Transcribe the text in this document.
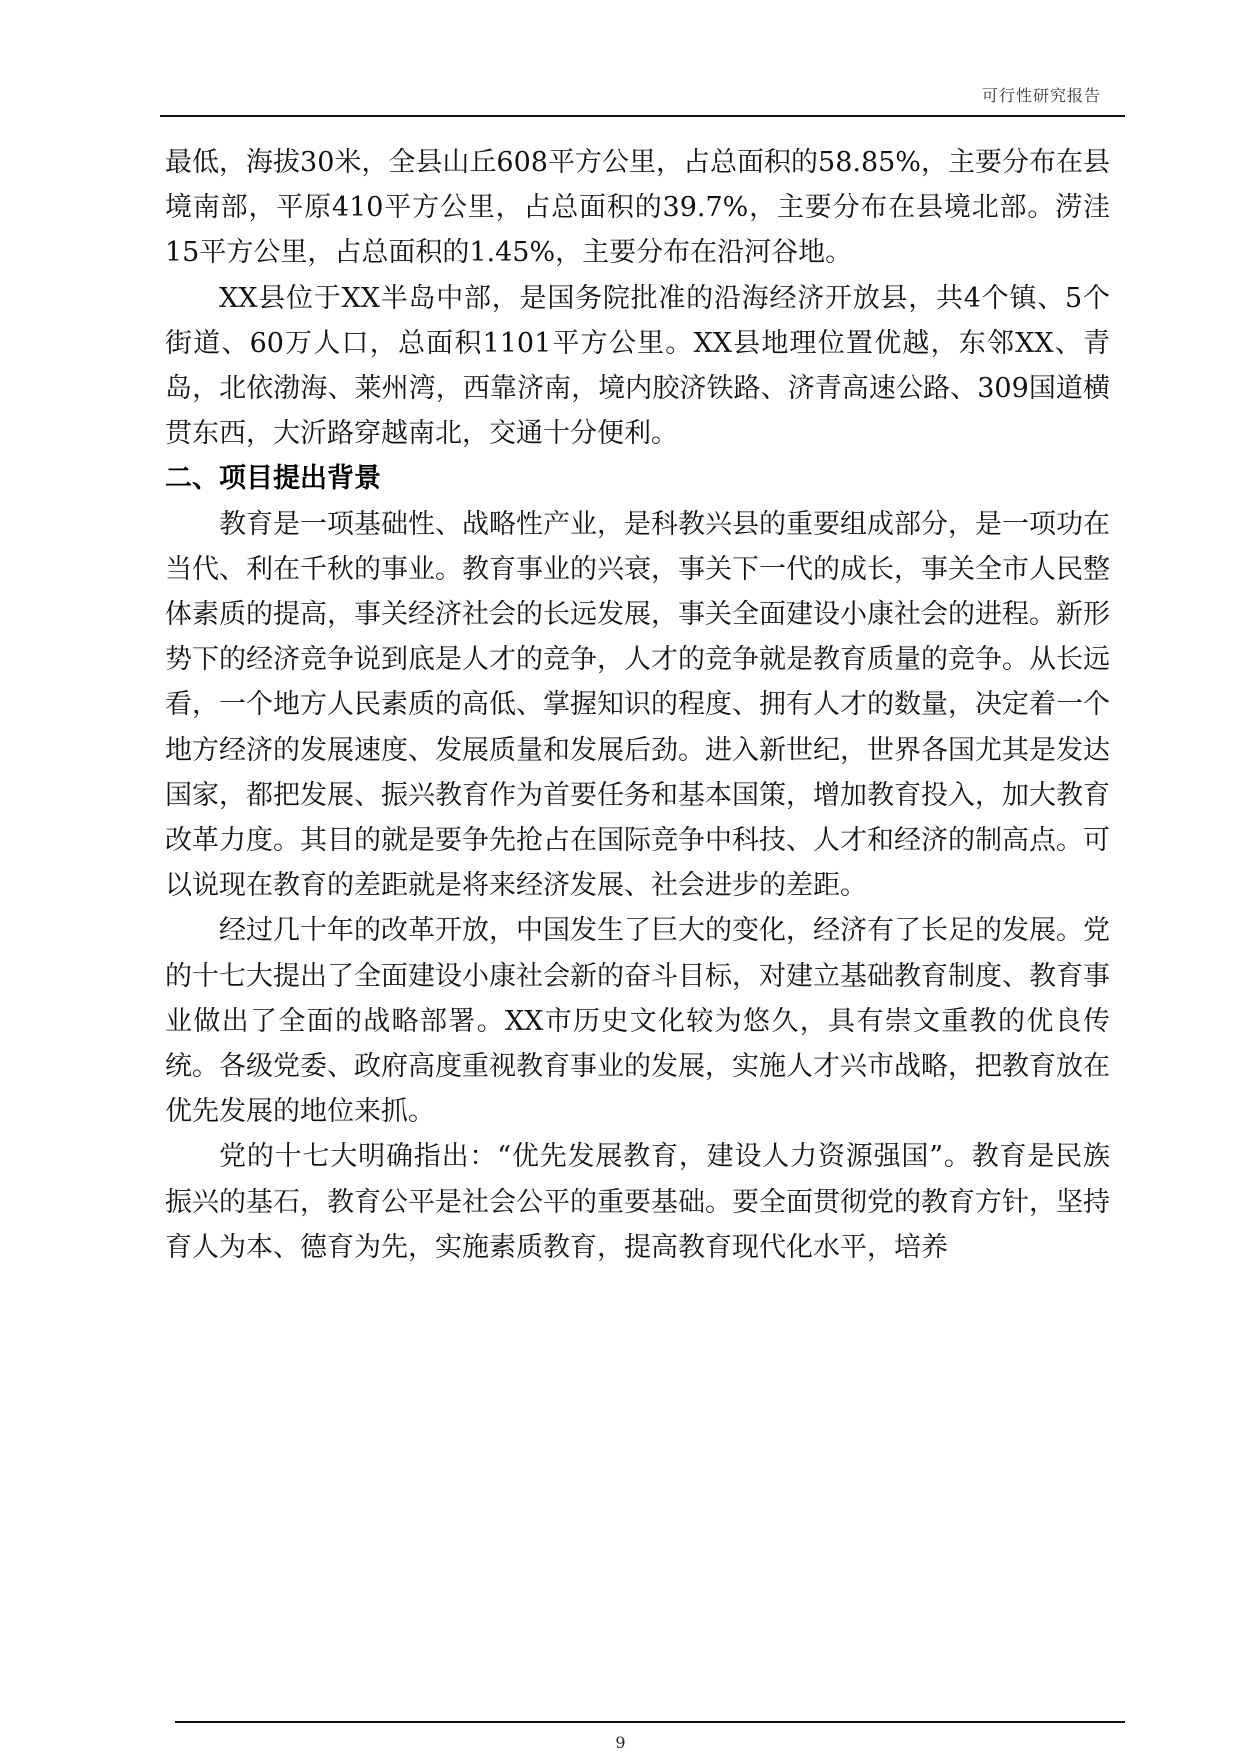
可行性研究报告

最低，海拔30米，全县山丘608平方公里，占总面积的58.85%，主要分布在县境南部，平原410平方公里，占总面积的39.7%，主要分布在县境北部。涝洼15平方公里，占总面积的1.45%，主要分布在沿河谷地。

XX县位于XX半岛中部，是国务院批准的沿海经济开放县，共4个镇、5个街道、60万人口，总面积1101平方公里。XX县地理位置优越，东邻XX、青岛，北依渤海、莱州湾，西靠济南，境内胶济铁路、济青高速公路、309国道横贯东西，大沂路穿越南北，交通十分便利。

二、项目提出背景

教育是一项基础性、战略性产业，是科教兴县的重要组成部分，是一项功在当代、利在千秋的事业。教育事业的兴衰，事关下一代的成长，事关全市人民整体素质的提高，事关经济社会的长远发展，事关全面建设小康社会的进程。新形势下的经济竞争说到底是人才的竞争，人才的竞争就是教育质量的竞争。从长远看，一个地方人民素质的高低、掌握知识的程度、拥有人才的数量，决定着一个地方经济的发展速度、发展质量和发展后劲。进入新世纪，世界各国尤其是发达国家，都把发展、振兴教育作为首要任务和基本国策，增加教育投入，加大教育改革力度。其目的就是要争先抢占在国际竞争中科技、人才和经济的制高点。可以说现在教育的差距就是将来经济发展、社会进步的差距。

经过几十年的改革开放，中国发生了巨大的变化，经济有了长足的发展。党的十七大提出了全面建设小康社会新的奋斗目标，对建立基础教育制度、教育事业做出了全面的战略部署。XX市历史文化较为悠久，具有崇文重教的优良传统。各级党委、政府高度重视教育事业的发展，实施人才兴市战略，把教育放在优先发展的地位来抓。

党的十七大明确指出：“优先发展教育，建设人力资源强国”。教育是民族振兴的基石，教育公平是社会公平的重要基础。要全面贯彻党的教育方针，坚持育人为本、德育为先，实施素质教育，提高教育现代化水平，培养

9
